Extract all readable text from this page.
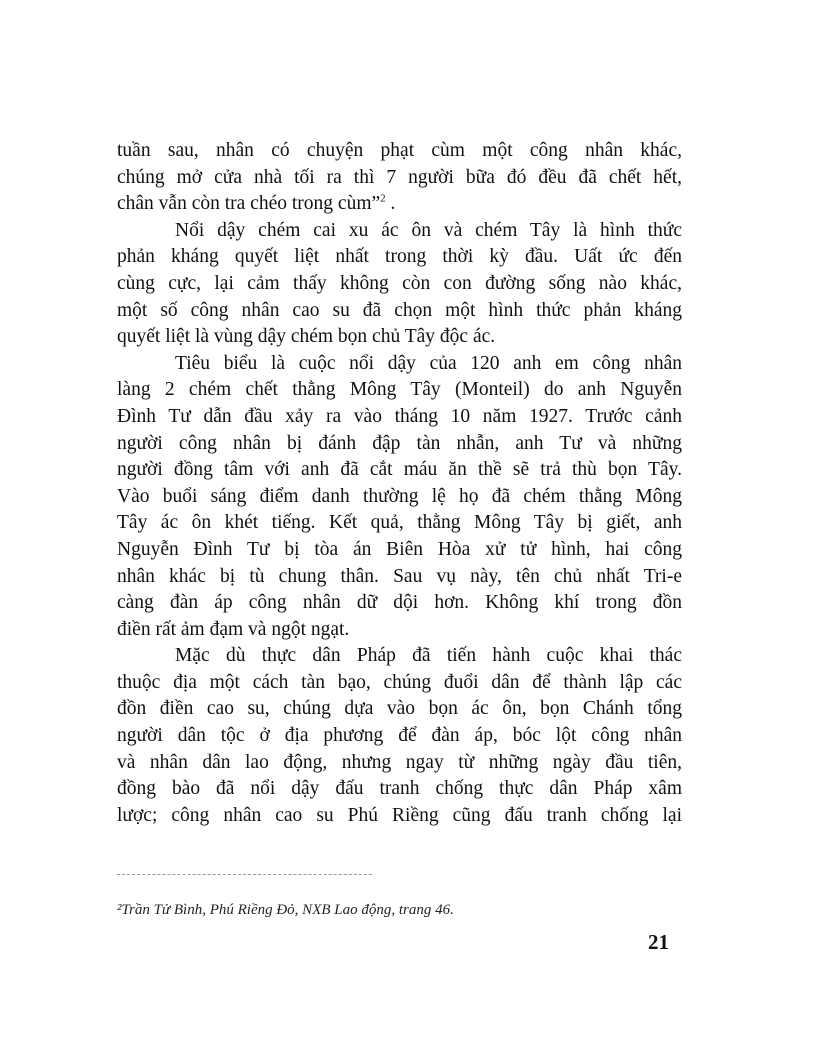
tuần sau, nhân có chuyện phạt cùm một công nhân khác,
chúng mở cửa nhà tối ra thì 7 người bữa đó đều đã chết hết,
chân vẫn còn tra chéo trong cùm”$^2$ .
Nổi dậy chém cai xu ác ôn và chém Tây là hình thức
phản kháng quyết liệt nhất trong thời kỳ đầu. Uất ức đến
cùng cực, lại cảm thấy không còn con đường sống nào khác,
một số công nhân cao su đã chọn một hình thức phản kháng
quyết liệt là vùng dậy chém bọn chủ Tây độc ác.
Tiêu biểu là cuộc nổi dậy của 120 anh em công nhân
làng 2 chém chết thằng Mông Tây (Monteil) do anh Nguyễn
Đình Tư dẫn đầu xảy ra vào tháng 10 năm 1927. Trước cảnh
người công nhân bị đánh đập tàn nhẫn, anh Tư và những
người đồng tâm với anh đã cắt máu ăn thề sẽ trả thù bọn Tây.
Vào buổi sáng điểm danh thường lệ họ đã chém thằng Mông
Tây ác ôn khét tiếng. Kết quả, thằng Mông Tây bị giết, anh
Nguyễn Đình Tư bị tòa án Biên Hòa xử tử hình, hai công
nhân khác bị tù chung thân. Sau vụ này, tên chủ nhất Tri-e
càng đàn áp công nhân dữ dội hơn. Không khí trong đồn
điền rất ảm đạm và ngột ngạt.
Mặc dù thực dân Pháp đã tiến hành cuộc khai thác
thuộc địa một cách tàn bạo, chúng đuổi dân để thành lập các
đồn điền cao su, chúng dựa vào bọn ác ôn, bọn Chánh tổng
người dân tộc ở địa phương để đàn áp, bóc lột công nhân
và nhân dân lao động, nhưng ngay từ những ngày đầu tiên,
đồng bào đã nổi dậy đấu tranh chống thực dân Pháp xâm
lược; công nhân cao su Phú Riềng cũng đấu tranh chống lại
²Trần Tử Bình, Phú Riềng Đỏ, NXB Lao động, trang 46.
21
